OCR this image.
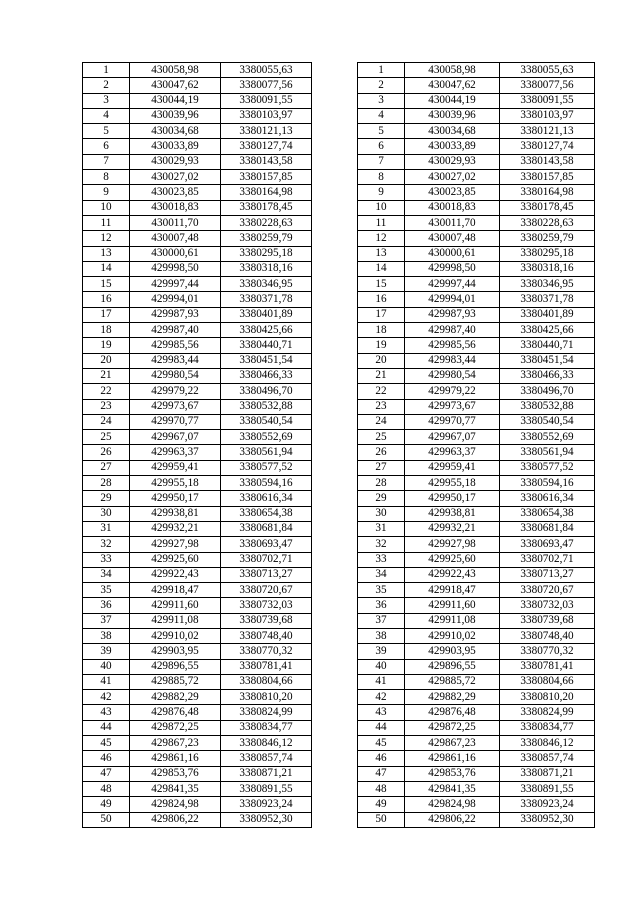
1	430058,98	3380055,63
2	430047,62	3380077,56
3	430044,19	3380091,55
4	430039,96	3380103,97
5	430034,68	3380121,13
6	430033,89	3380127,74
7	430029,93	3380143,58
8	430027,02	3380157,85
9	430023,85	3380164,98
10	430018,83	3380178,45
11	430011,70	3380228,63
12	430007,48	3380259,79
13	430000,61	3380295,18
14	429998,50	3380318,16
15	429997,44	3380346,95
16	429994,01	3380371,78
17	429987,93	3380401,89
18	429987,40	3380425,66
19	429985,56	3380440,71
20	429983,44	3380451,54
21	429980,54	3380466,33
22	429979,22	3380496,70
23	429973,67	3380532,88
24	429970,77	3380540,54
25	429967,07	3380552,69
26	429963,37	3380561,94
27	429959,41	3380577,52
28	429955,18	3380594,16
29	429950,17	3380616,34
30	429938,81	3380654,38
31	429932,21	3380681,84
32	429927,98	3380693,47
33	429925,60	3380702,71
34	429922,43	3380713,27
35	429918,47	3380720,67
36	429911,60	3380732,03
37	429911,08	3380739,68
38	429910,02	3380748,40
39	429903,95	3380770,32
40	429896,55	3380781,41
41	429885,72	3380804,66
42	429882,29	3380810,20
43	429876,48	3380824,99
44	429872,25	3380834,77
45	429867,23	3380846,12
46	429861,16	3380857,74
47	429853,76	3380871,21
48	429841,35	3380891,55
49	429824,98	3380923,24
50	429806,22	3380952,30
1	430058,98	3380055,63
2	430047,62	3380077,56
3	430044,19	3380091,55
4	430039,96	3380103,97
5	430034,68	3380121,13
6	430033,89	3380127,74
7	430029,93	3380143,58
8	430027,02	3380157,85
9	430023,85	3380164,98
10	430018,83	3380178,45
11	430011,70	3380228,63
12	430007,48	3380259,79
13	430000,61	3380295,18
14	429998,50	3380318,16
15	429997,44	3380346,95
16	429994,01	3380371,78
17	429987,93	3380401,89
18	429987,40	3380425,66
19	429985,56	3380440,71
20	429983,44	3380451,54
21	429980,54	3380466,33
22	429979,22	3380496,70
23	429973,67	3380532,88
24	429970,77	3380540,54
25	429967,07	3380552,69
26	429963,37	3380561,94
27	429959,41	3380577,52
28	429955,18	3380594,16
29	429950,17	3380616,34
30	429938,81	3380654,38
31	429932,21	3380681,84
32	429927,98	3380693,47
33	429925,60	3380702,71
34	429922,43	3380713,27
35	429918,47	3380720,67
36	429911,60	3380732,03
37	429911,08	3380739,68
38	429910,02	3380748,40
39	429903,95	3380770,32
40	429896,55	3380781,41
41	429885,72	3380804,66
42	429882,29	3380810,20
43	429876,48	3380824,99
44	429872,25	3380834,77
45	429867,23	3380846,12
46	429861,16	3380857,74
47	429853,76	3380871,21
48	429841,35	3380891,55
49	429824,98	3380923,24
50	429806,22	3380952,30
